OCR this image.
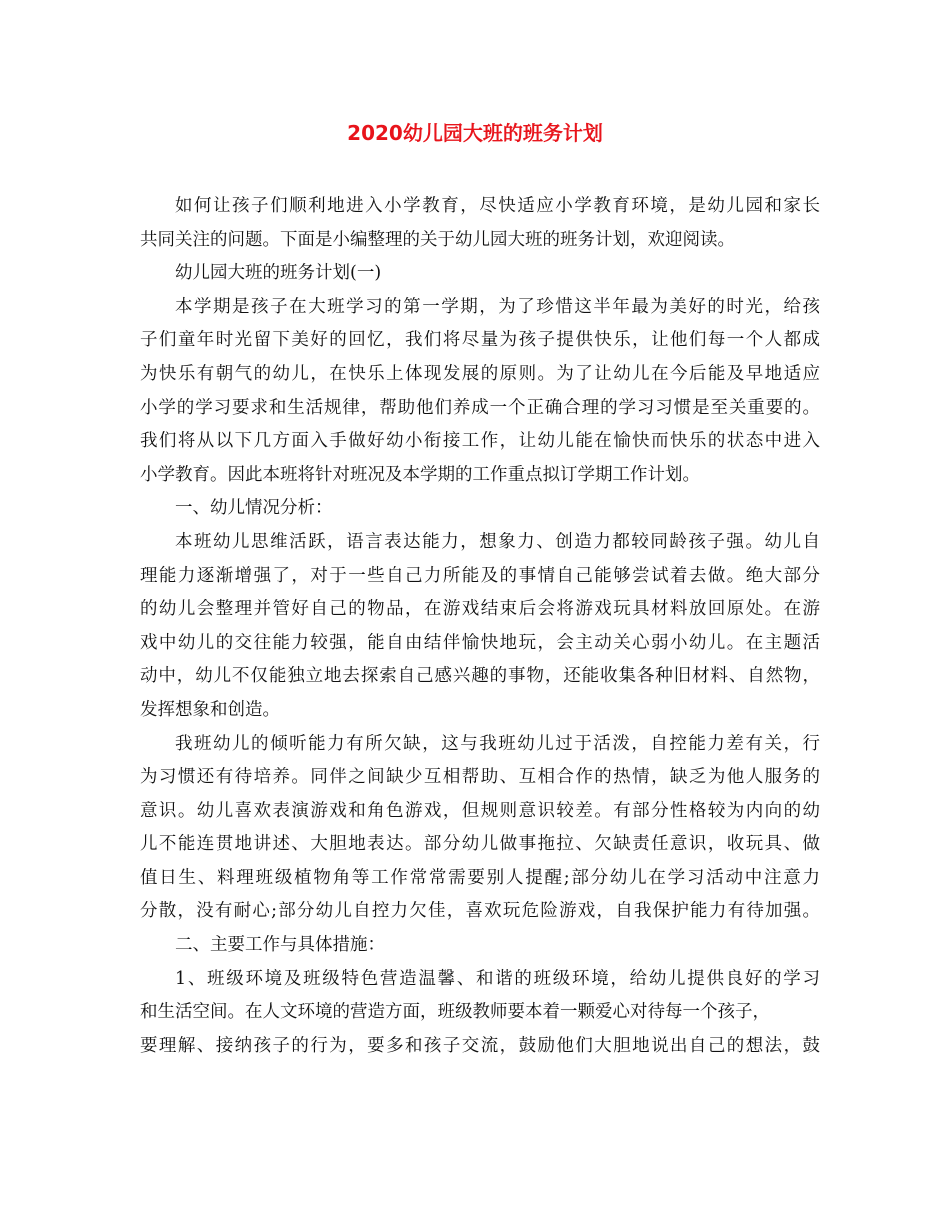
2020幼儿园大班的班务计划
如何让孩子们顺利地进入小学教育，尽快适应小学教育环境，是幼儿园和家长
共同关注的问题。下面是小编整理的关于幼儿园大班的班务计划，欢迎阅读。
幼儿园大班的班务计划(一)
本学期是孩子在大班学习的第一学期，为了珍惜这半年最为美好的时光，给孩
子们童年时光留下美好的回忆，我们将尽量为孩子提供快乐，让他们每一个人都成
为快乐有朝气的幼儿，在快乐上体现发展的原则。为了让幼儿在今后能及早地适应
小学的学习要求和生活规律，帮助他们养成一个正确合理的学习习惯是至关重要的。
我们将从以下几方面入手做好幼小衔接工作，让幼儿能在愉快而快乐的状态中进入
小学教育。因此本班将针对班况及本学期的工作重点拟订学期工作计划。
一、幼儿情况分析：
本班幼儿思维活跃，语言表达能力，想象力、创造力都较同龄孩子强。幼儿自
理能力逐渐增强了，对于一些自己力所能及的事情自己能够尝试着去做。绝大部分
的幼儿会整理并管好自己的物品，在游戏结束后会将游戏玩具材料放回原处。在游
戏中幼儿的交往能力较强，能自由结伴愉快地玩，会主动关心弱小幼儿。在主题活
动中，幼儿不仅能独立地去探索自己感兴趣的事物，还能收集各种旧材料、自然物，
发挥想象和创造。
我班幼儿的倾听能力有所欠缺，这与我班幼儿过于活泼，自控能力差有关，行
为习惯还有待培养。同伴之间缺少互相帮助、互相合作的热情，缺乏为他人服务的
意识。幼儿喜欢表演游戏和角色游戏，但规则意识较差。有部分性格较为内向的幼
儿不能连贯地讲述、大胆地表达。部分幼儿做事拖拉、欠缺责任意识，收玩具、做
值日生、料理班级植物角等工作常常需要别人提醒;部分幼儿在学习活动中注意力
分散，没有耐心;部分幼儿自控力欠佳，喜欢玩危险游戏，自我保护能力有待加强。
二、主要工作与具体措施：
1、班级环境及班级特色营造温馨、和谐的班级环境，给幼儿提供良好的学习
和生活空间。在人文环境的营造方面，班级教师要本着一颗爱心对待每一个孩子，
要理解、接纳孩子的行为，要多和孩子交流，鼓励他们大胆地说出自己的想法，鼓
